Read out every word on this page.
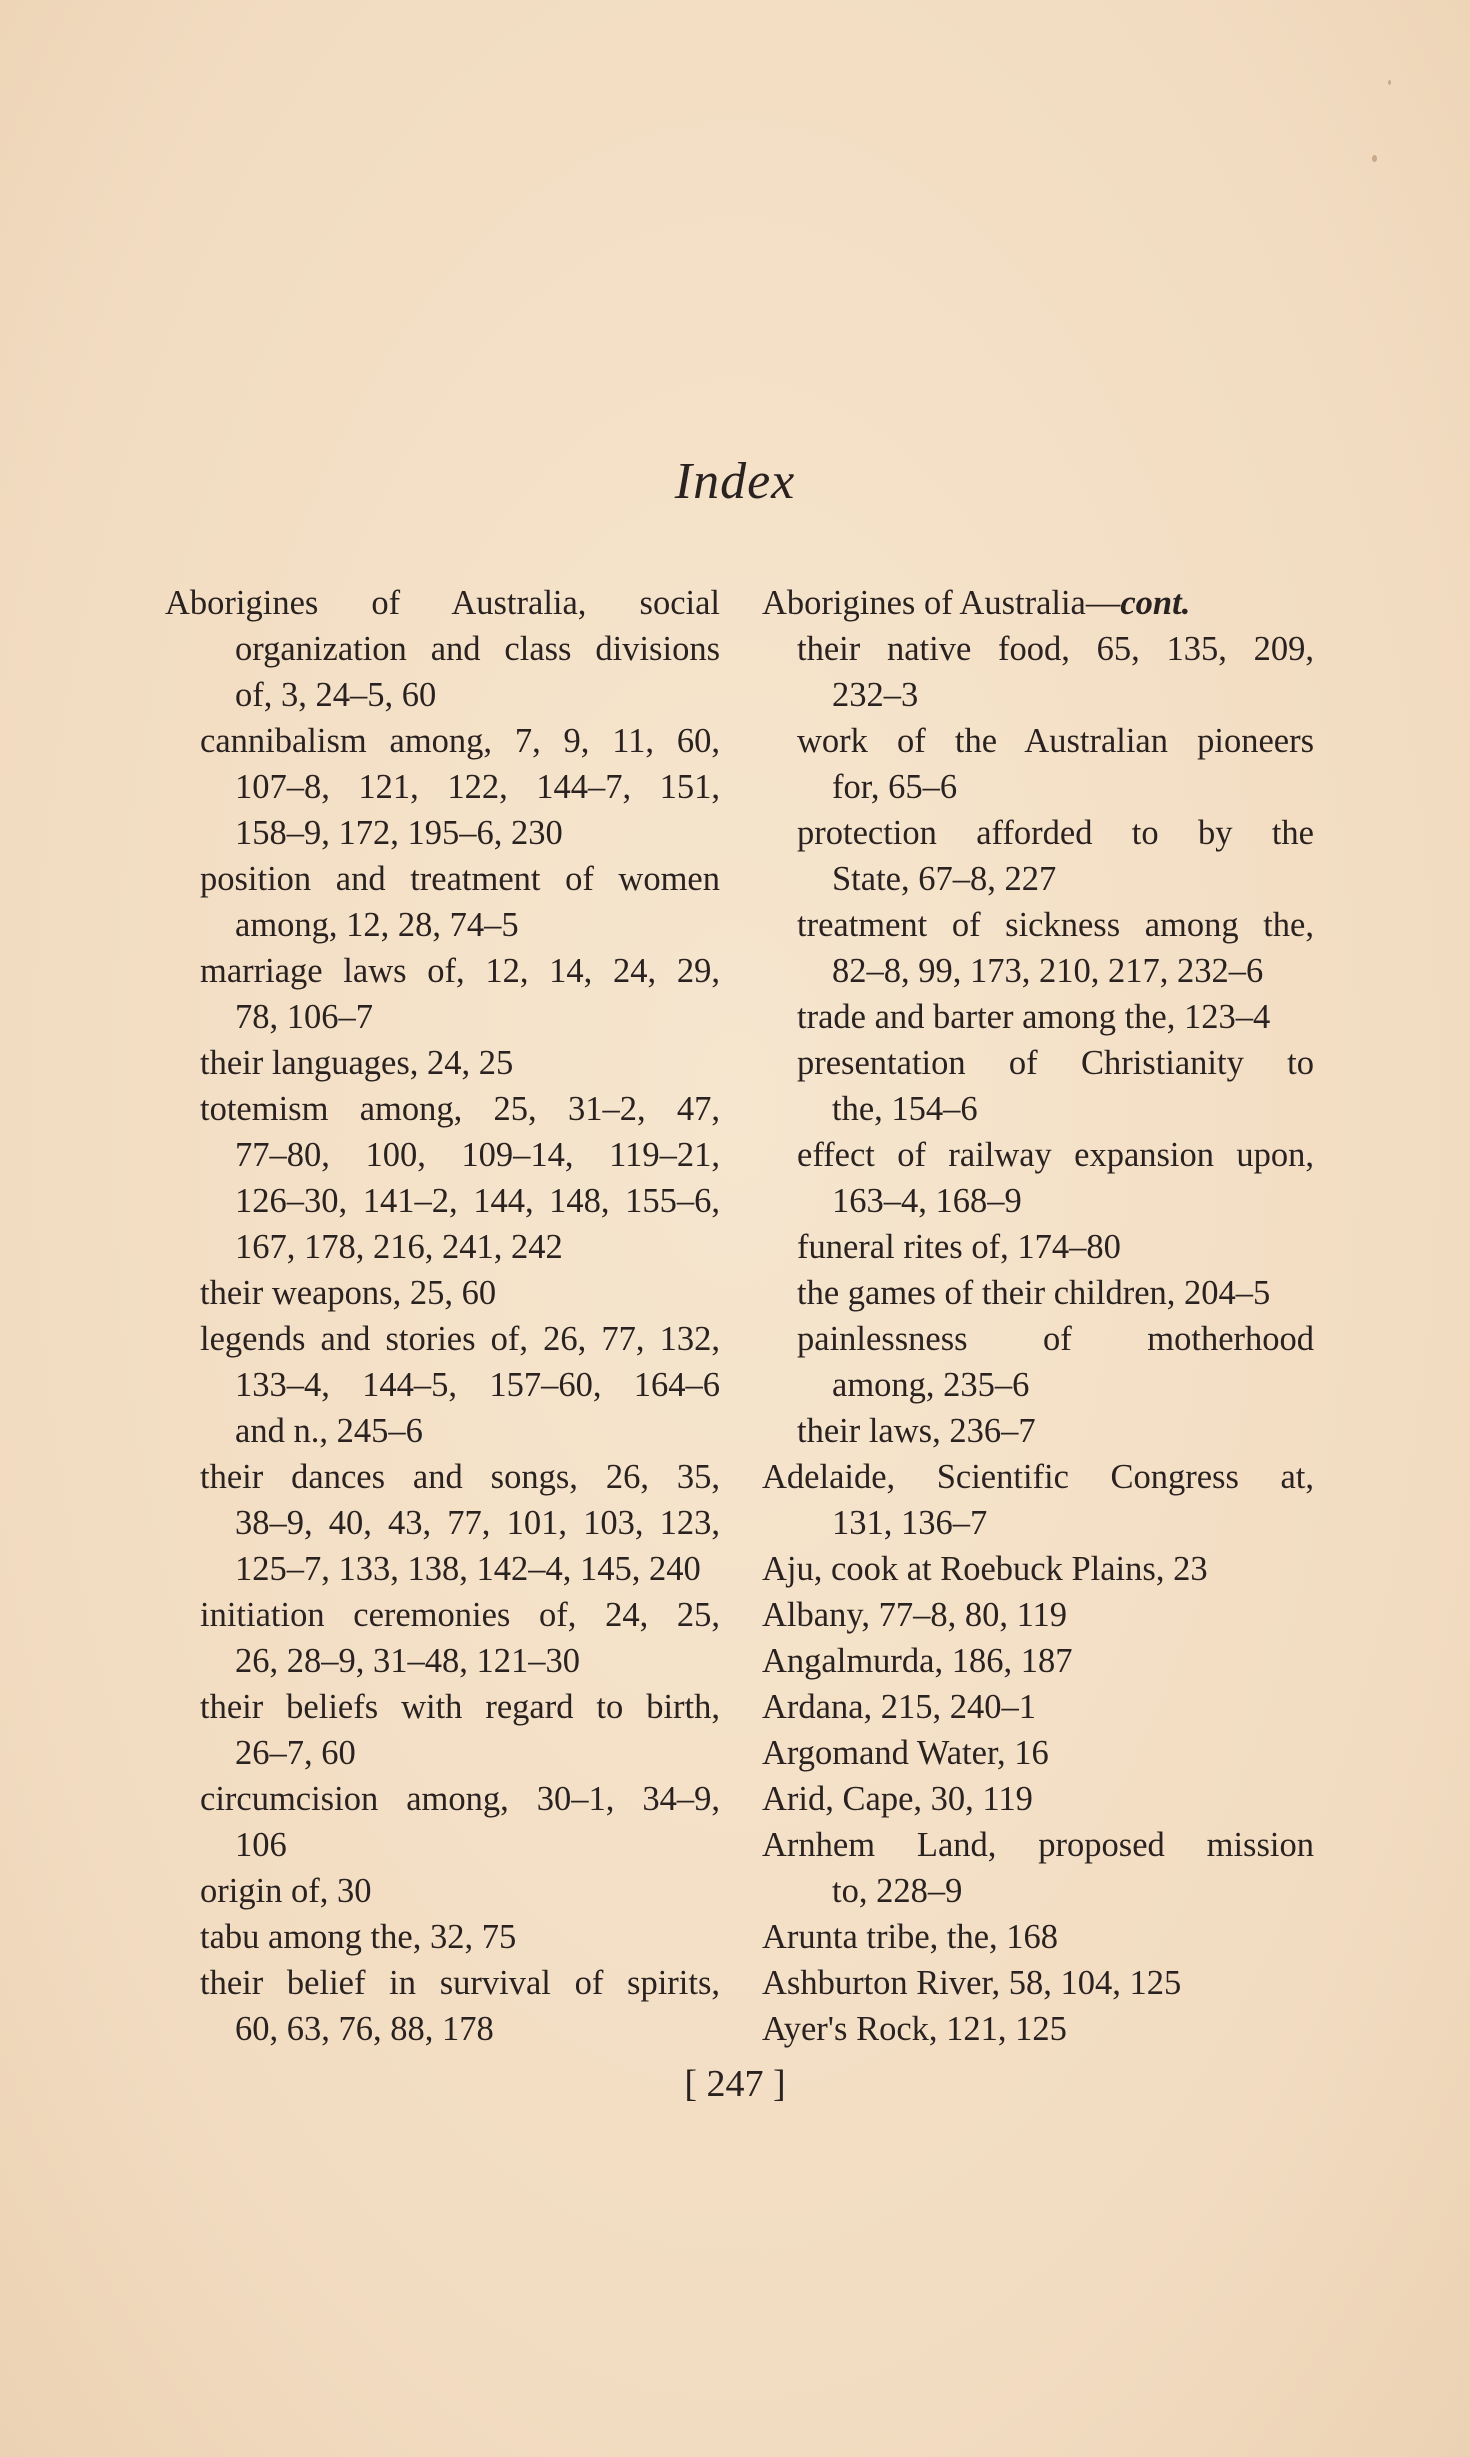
Index
Aborigines of Australia, social
organization and class divisions
of, 3, 24–5, 60
cannibalism among, 7, 9, 11, 60,
107–8, 121, 122, 144–7, 151,
158–9, 172, 195–6, 230
position and treatment of women
among, 12, 28, 74–5
marriage laws of, 12, 14, 24, 29,
78, 106–7
their languages, 24, 25
totemism among, 25, 31–2, 47,
77–80, 100, 109–14, 119–21,
126–30, 141–2, 144, 148, 155–6,
167, 178, 216, 241, 242
their weapons, 25, 60
legends and stories of, 26, 77, 132,
133–4, 144–5, 157–60, 164–6
and n., 245–6
their dances and songs, 26, 35,
38–9, 40, 43, 77, 101, 103, 123,
125–7, 133, 138, 142–4, 145, 240
initiation ceremonies of, 24, 25,
26, 28–9, 31–48, 121–30
their beliefs with regard to birth,
26–7, 60
circumcision among, 30–1, 34–9,
106
origin of, 30
tabu among the, 32, 75
their belief in survival of spirits,
60, 63, 76, 88, 178
Aborigines of Australia—cont.
their native food, 65, 135, 209,
232–3
work of the Australian pioneers
for, 65–6
protection afforded to by the
State, 67–8, 227
treatment of sickness among the,
82–8, 99, 173, 210, 217, 232–6
trade and barter among the, 123–4
presentation of Christianity to
the, 154–6
effect of railway expansion upon,
163–4, 168–9
funeral rites of, 174–80
the games of their children, 204–5
painlessness of motherhood
among, 235–6
their laws, 236–7
Adelaide, Scientific Congress at,
131, 136–7
Aju, cook at Roebuck Plains, 23
Albany, 77–8, 80, 119
Angalmurda, 186, 187
Ardana, 215, 240–1
Argomand Water, 16
Arid, Cape, 30, 119
Arnhem Land, proposed mission
to, 228–9
Arunta tribe, the, 168
Ashburton River, 58, 104, 125
Ayer's Rock, 121, 125
[ 247 ]
